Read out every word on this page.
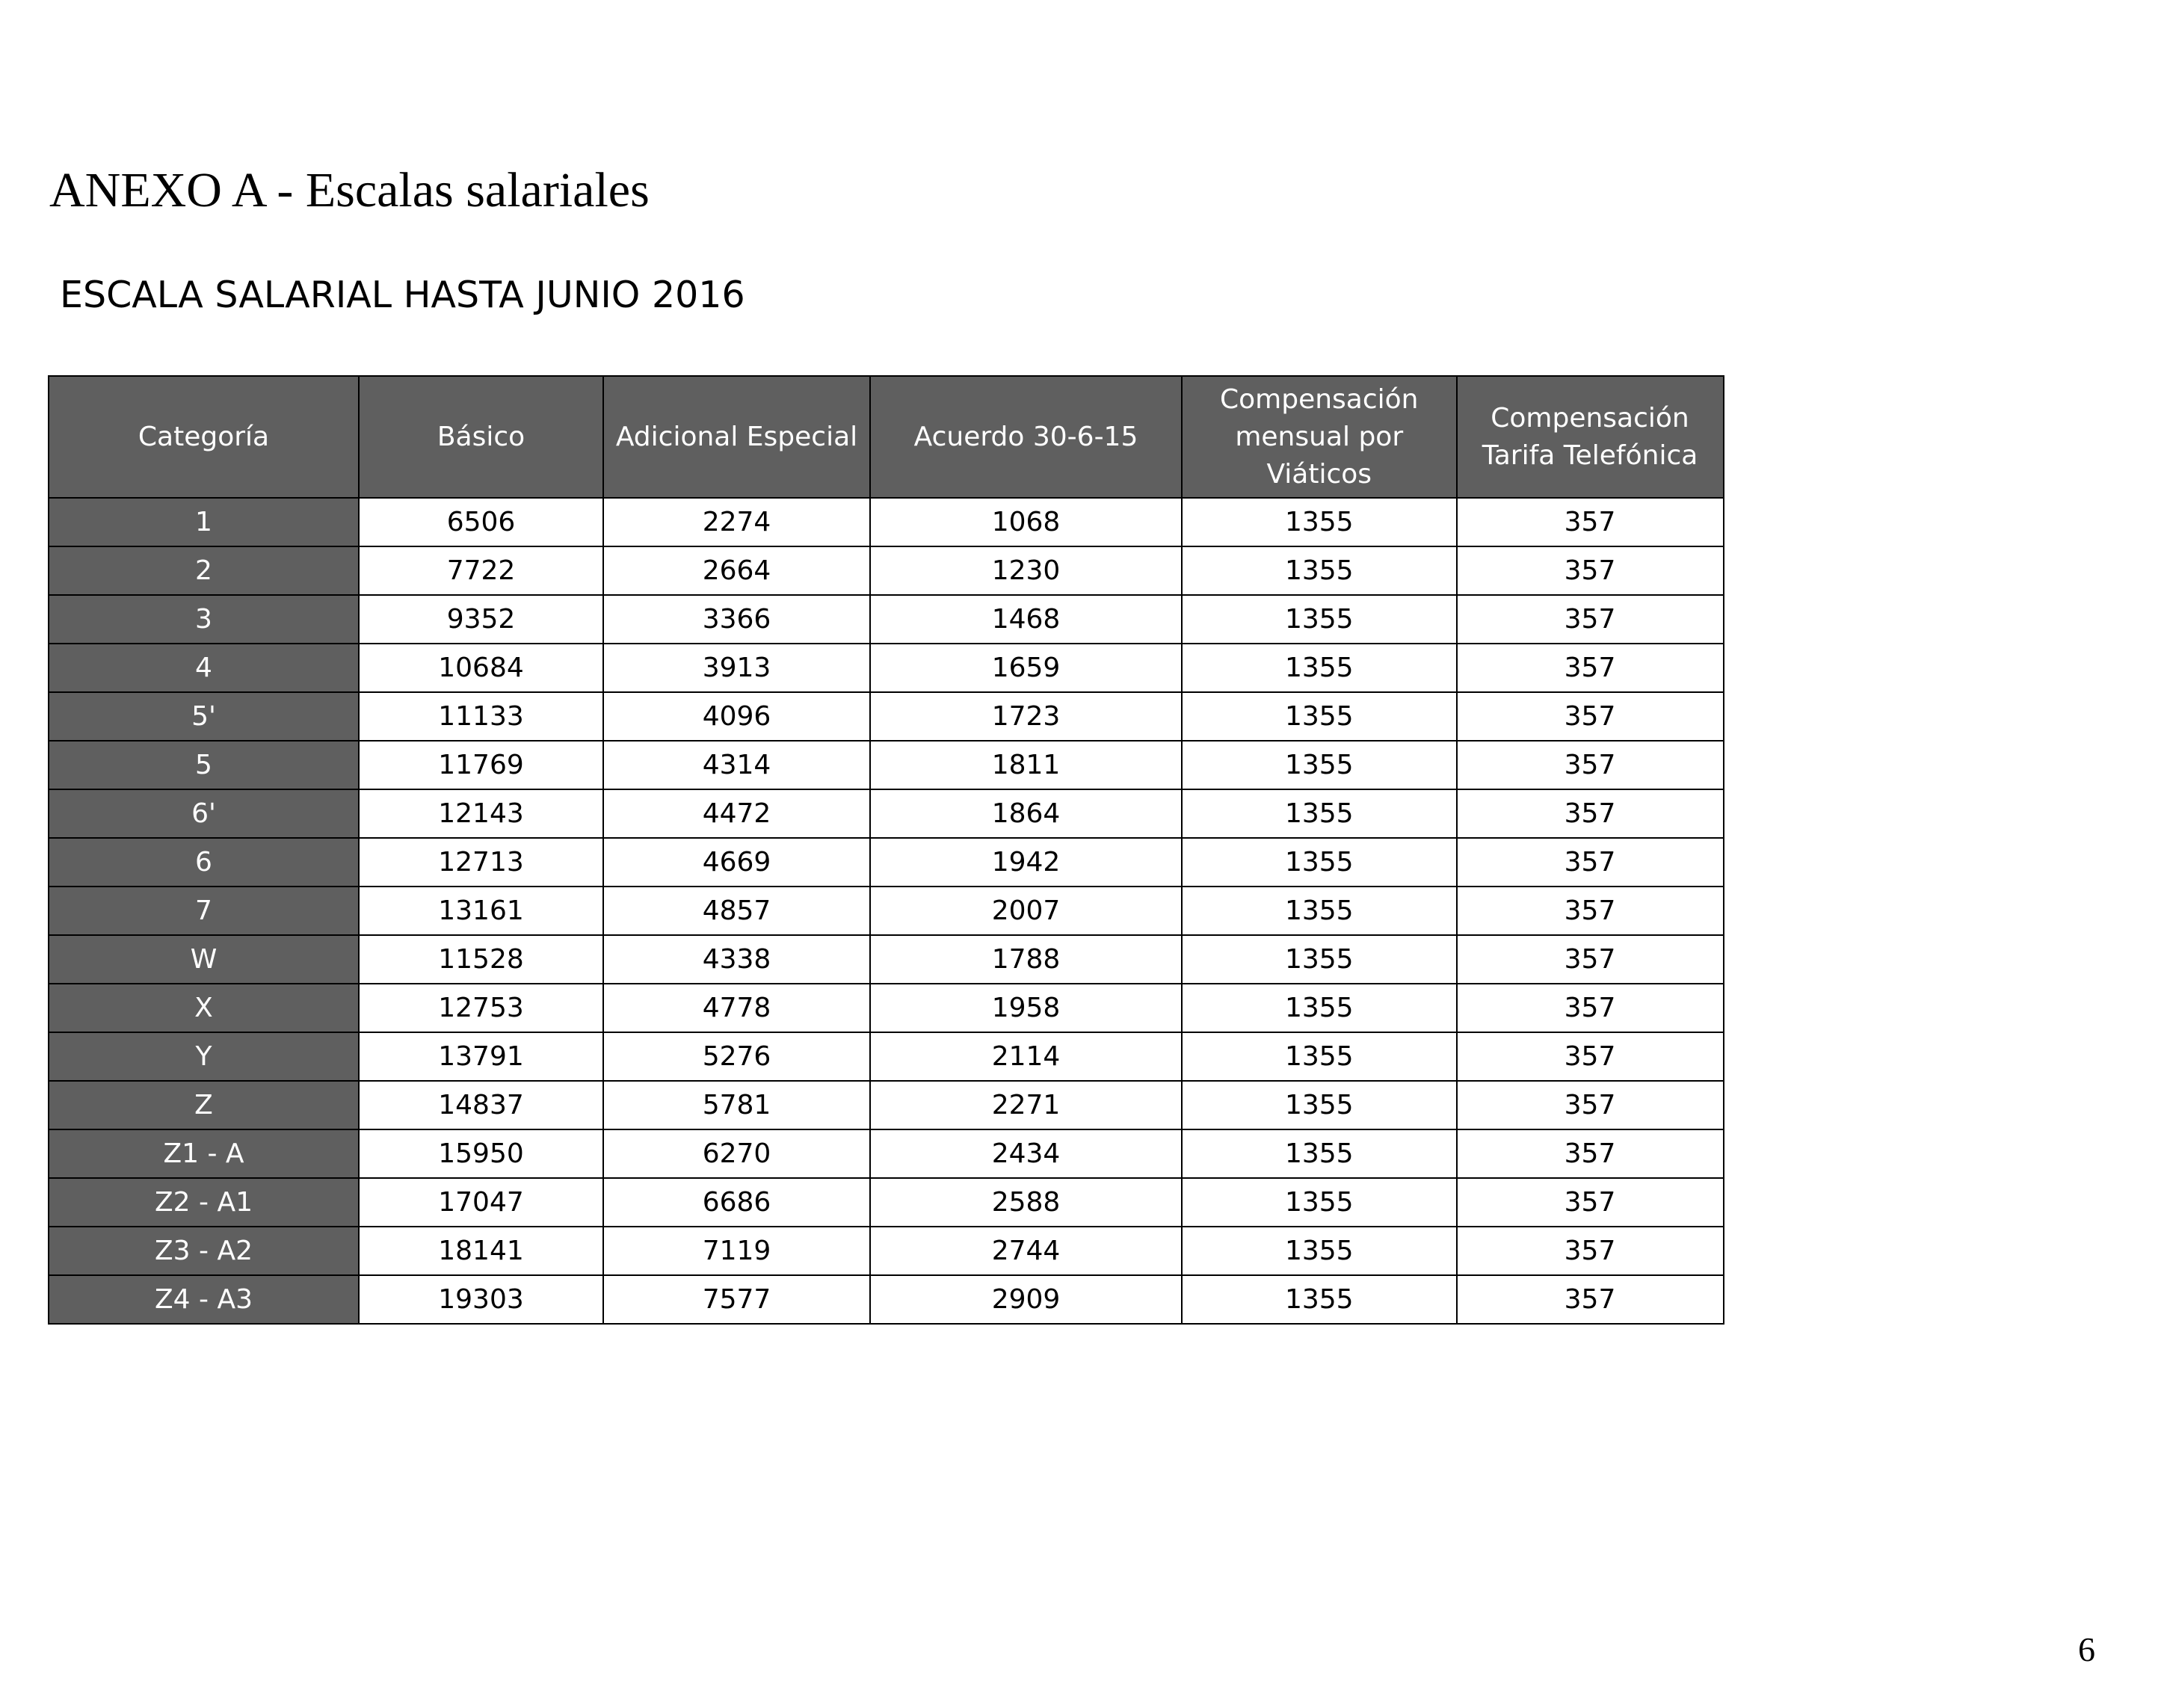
ANEXO A - Escalas salariales
ESCALA SALARIAL HASTA JUNIO 2016
Categoría	Básico	Adicional Especial	Acuerdo 30-6-15	Compensación mensual por Viáticos	Compensación Tarifa Telefónica
1	6506	2274	1068	1355	357
2	7722	2664	1230	1355	357
3	9352	3366	1468	1355	357
4	10684	3913	1659	1355	357
5'	11133	4096	1723	1355	357
5	11769	4314	1811	1355	357
6'	12143	4472	1864	1355	357
6	12713	4669	1942	1355	357
7	13161	4857	2007	1355	357
W	11528	4338	1788	1355	357
X	12753	4778	1958	1355	357
Y	13791	5276	2114	1355	357
Z	14837	5781	2271	1355	357
Z1 - A	15950	6270	2434	1355	357
Z2 - A1	17047	6686	2588	1355	357
Z3 - A2	18141	7119	2744	1355	357
Z4 - A3	19303	7577	2909	1355	357

6
